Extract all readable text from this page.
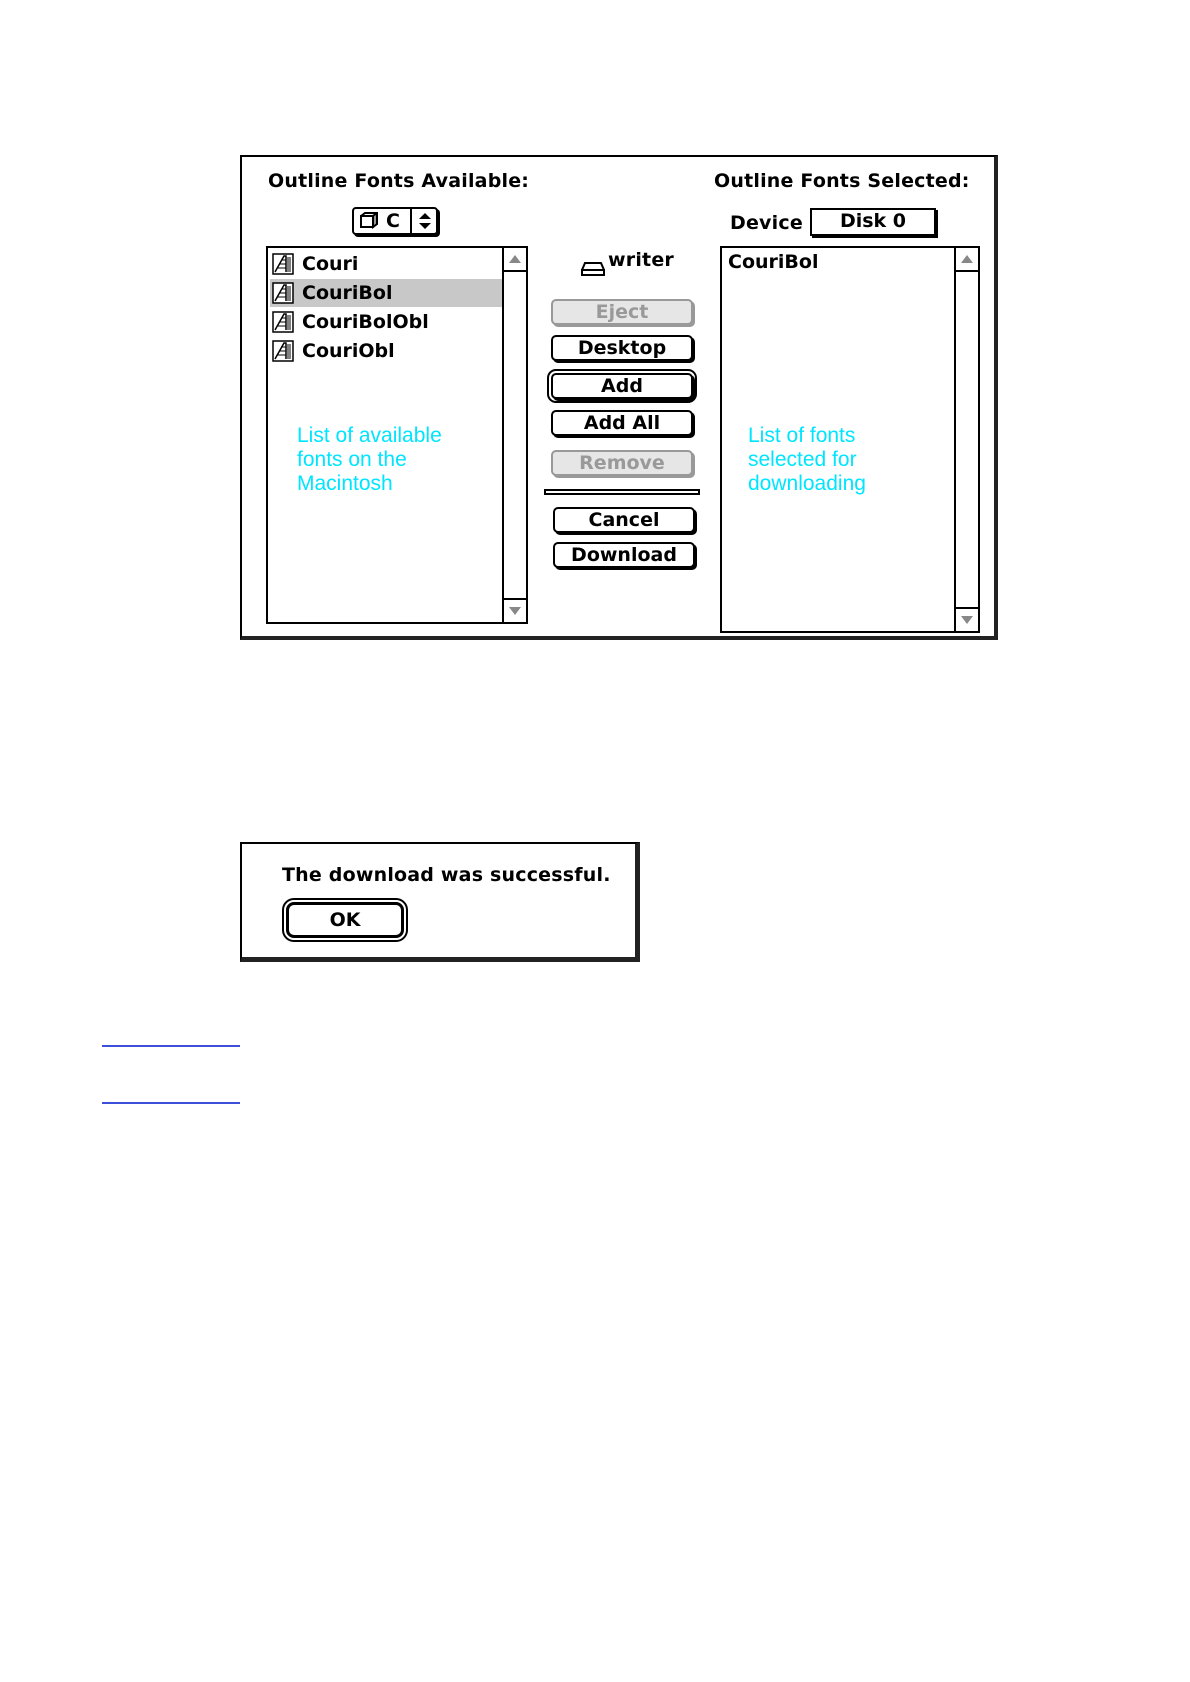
Outline Fonts Available:	Outline Fonts Selected:
C	Device	Disk 0
Couri
CouriBol
CouriBolObl
CouriObl
List of available
fonts on the
Macintosh
writer
Eject
Desktop
Add
Add All
Remove
Cancel
Download
CouriBol
List of fonts
selected for
downloading
The download was successful.
OK
